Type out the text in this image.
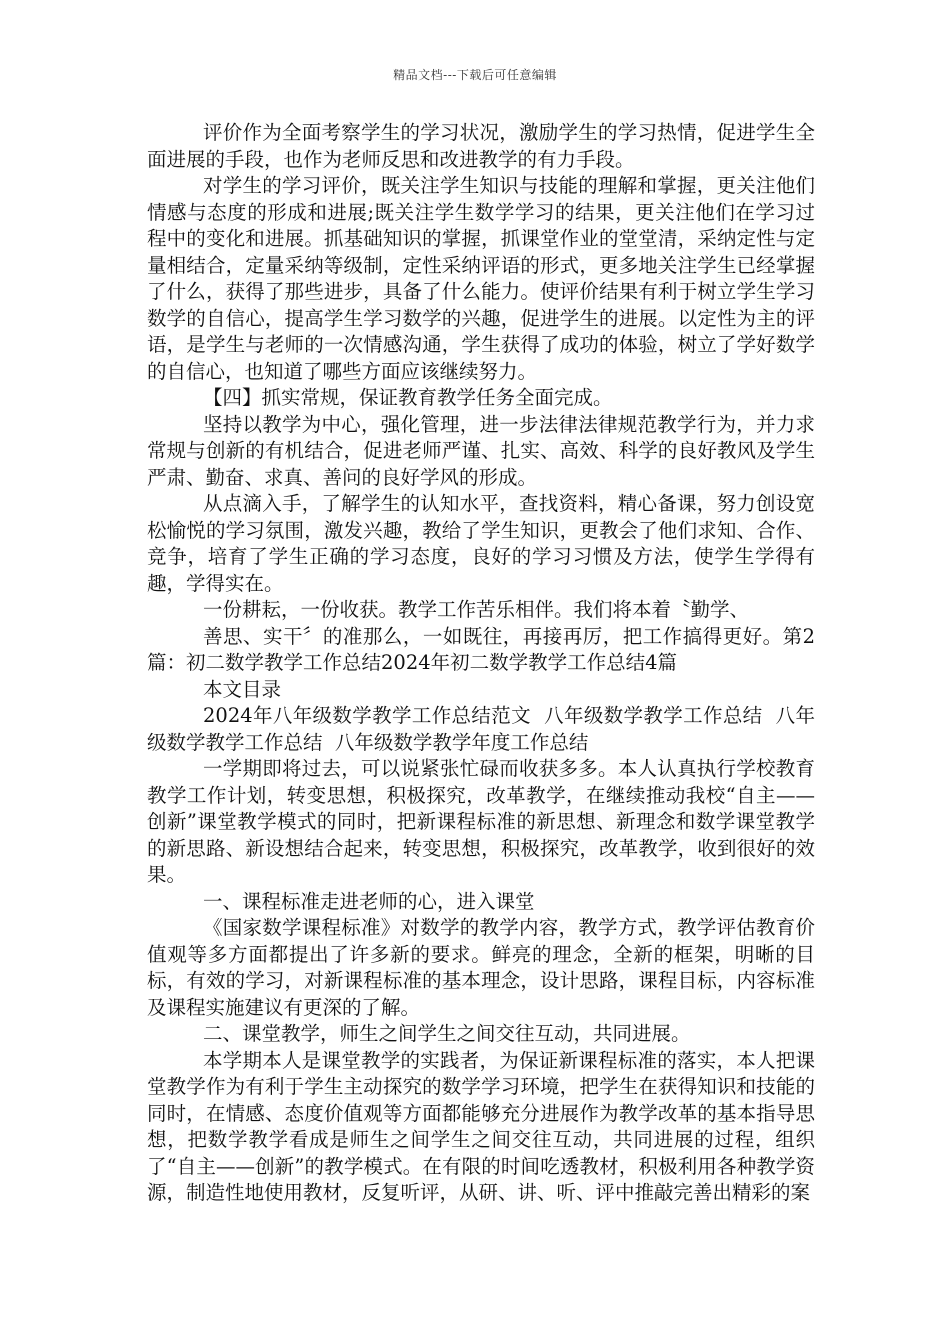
精品文档---下载后可任意编辑

评价作为全面考察学生的学习状况，激励学生的学习热情，促进学生全面进展的手段，也作为老师反思和改进教学的有力手段。

对学生的学习评价，既关注学生知识与技能的理解和掌握，更关注他们情感与态度的形成和进展;既关注学生数学学习的结果，更关注他们在学习过程中的变化和进展。抓基础知识的掌握，抓课堂作业的堂堂清，采纳定性与定量相结合，定量采纳等级制，定性采纳评语的形式，更多地关注学生已经掌握了什么，获得了那些进步，具备了什么能力。使评价结果有利于树立学生学习数学的自信心，提高学生学习数学的兴趣，促进学生的进展。以定性为主的评语，是学生与老师的一次情感沟通，学生获得了成功的体验，树立了学好数学的自信心，也知道了哪些方面应该继续努力。

【四】抓实常规，保证教育教学任务全面完成。

坚持以教学为中心，强化管理，进一步法律法律规范教学行为，并力求常规与创新的有机结合，促进老师严谨、扎实、高效、科学的良好教风及学生严肃、勤奋、求真、善问的良好学风的形成。

从点滴入手，了解学生的认知水平，查找资料，精心备课，努力创设宽松愉悦的学习氛围，激发兴趣，教给了学生知识，更教会了他们求知、合作、竞争，培育了学生正确的学习态度，良好的学习习惯及方法，使学生学得有趣，学得实在。

一份耕耘，一份收获。教学工作苦乐相伴。我们将本着〝勤学、

善思、实干〞的准那么，一如既往，再接再厉，把工作搞得更好。第2篇：初二数学教学工作总结2024年初二数学教学工作总结4篇

本文目录

2024年八年级数学教学工作总结范文  八年级数学教学工作总结  八年级数学教学工作总结  八年级数学教学年度工作总结

一学期即将过去，可以说紧张忙碌而收获多多。本人认真执行学校教育教学工作计划，转变思想，积极探究，改革教学，在继续推动我校“自主——创新”课堂教学模式的同时，把新课程标准的新思想、新理念和数学课堂教学的新思路、新设想结合起来，转变思想，积极探究，改革教学，收到很好的效果。

一、课程标准走进老师的心，进入课堂

《国家数学课程标准》对数学的教学内容，教学方式，教学评估教育价值观等多方面都提出了许多新的要求。鲜亮的理念，全新的框架，明晰的目标，有效的学习，对新课程标准的基本理念，设计思路，课程目标，内容标准及课程实施建议有更深的了解。

二、课堂教学，师生之间学生之间交往互动，共同进展。

本学期本人是课堂教学的实践者，为保证新课程标准的落实，本人把课堂教学作为有利于学生主动探究的数学学习环境，把学生在获得知识和技能的同时，在情感、态度价值观等方面都能够充分进展作为教学改革的基本指导思想，把数学教学看成是师生之间学生之间交往互动，共同进展的过程，组织了“自主——创新”的教学模式。在有限的时间吃透教材，积极利用各种教学资源，制造性地使用教材，反复听评，从研、讲、听、评中推敲完善出精彩的案
